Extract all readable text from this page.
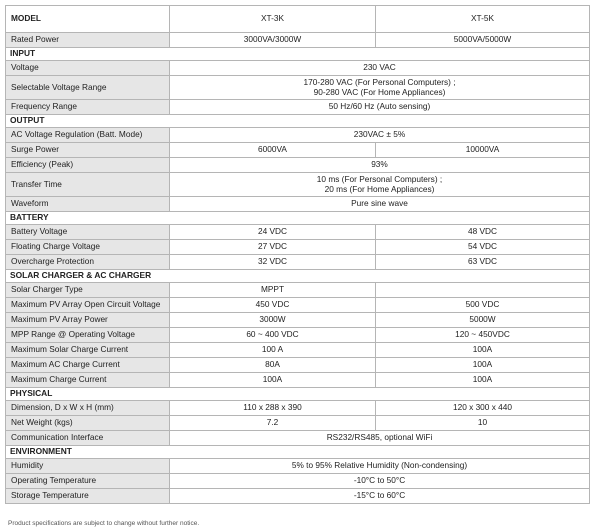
MODEL	XT-3K	XT-5K
Rated Power	3000VA/3000W	5000VA/5000W
INPUT		
Voltage	230 VAC	
Selectable Voltage Range	170-280 VAC (For Personal Computers) ;
90-280 VAC (For Home Appliances)	
Frequency Range	50 Hz/60 Hz (Auto sensing)	
OUTPUT		
AC Voltage Regulation (Batt. Mode)	230VAC ± 5%	
Surge Power	6000VA	10000VA
Efficiency (Peak)	93%	
Transfer Time	10 ms (For Personal Computers) ;
20 ms (For Home Appliances)	
Waveform	Pure sine wave	
BATTERY		
Battery Voltage	24 VDC	48 VDC
Floating Charge Voltage	27 VDC	54 VDC
Overcharge Protection	32 VDC	63 VDC
SOLAR CHARGER & AC CHARGER		
Solar Charger Type	MPPT	
Maximum PV Array Open Circuit Voltage	450 VDC	500 VDC
Maximum PV Array Power	3000W	5000W
MPP Range @ Operating Voltage	60 ~ 400 VDC	120 ~ 450VDC
Maximum Solar Charge Current	100 A	100A
Maximum AC Charge Current	80A	100A
Maximum Charge Current	100A	100A
PHYSICAL		
Dimension, D x W x H (mm)	110 x 288 x 390	120 x 300 x 440
Net Weight (kgs)	7.2	10
Communication Interface	RS232/RS485, optional WiFi	
ENVIRONMENT		
Humidity	5% to 95% Relative Humidity (Non-condensing)	
Operating Temperature	-10°C to 50°C	
Storage Temperature	-15°C to 60°C	
Product specifications are subject to change without further notice.
